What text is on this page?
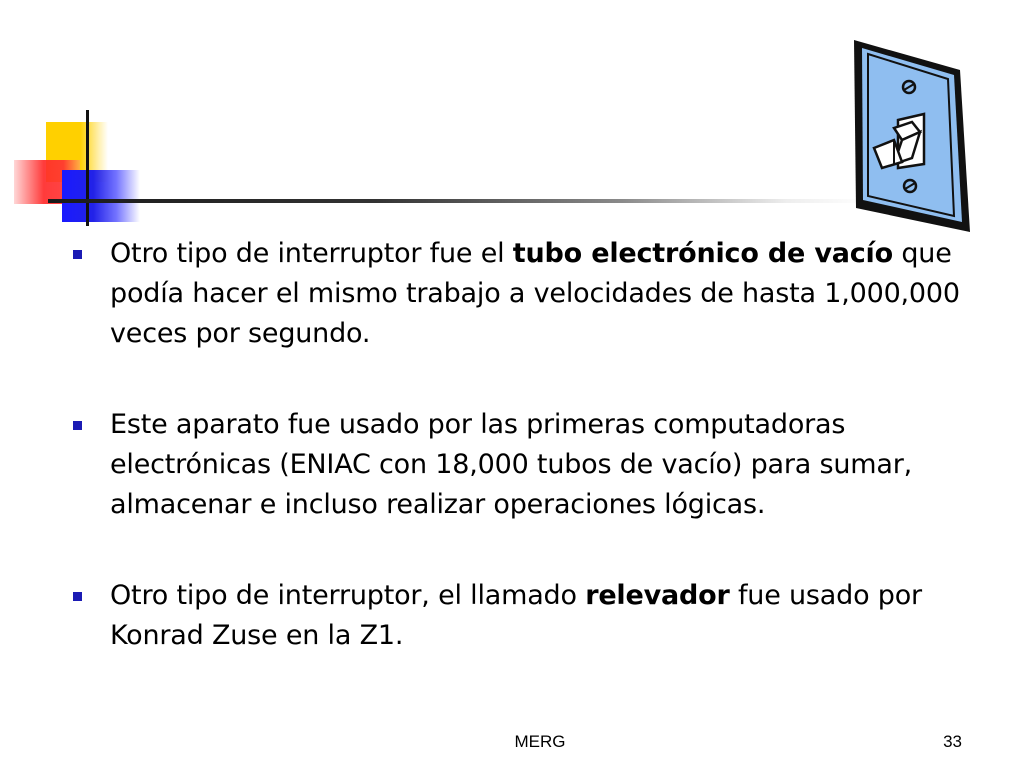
Otro tipo de interruptor fue el tubo electrónico de vacío que podía hacer el mismo trabajo a velocidades de hasta 1,000,000 veces por segundo.
Este aparato fue usado por las primeras computadoras electrónicas (ENIAC con 18,000 tubos de vacío) para sumar, almacenar e incluso realizar operaciones lógicas.
Otro tipo de interruptor, el llamado relevador fue usado por Konrad Zuse en la Z1.
MERG	33
